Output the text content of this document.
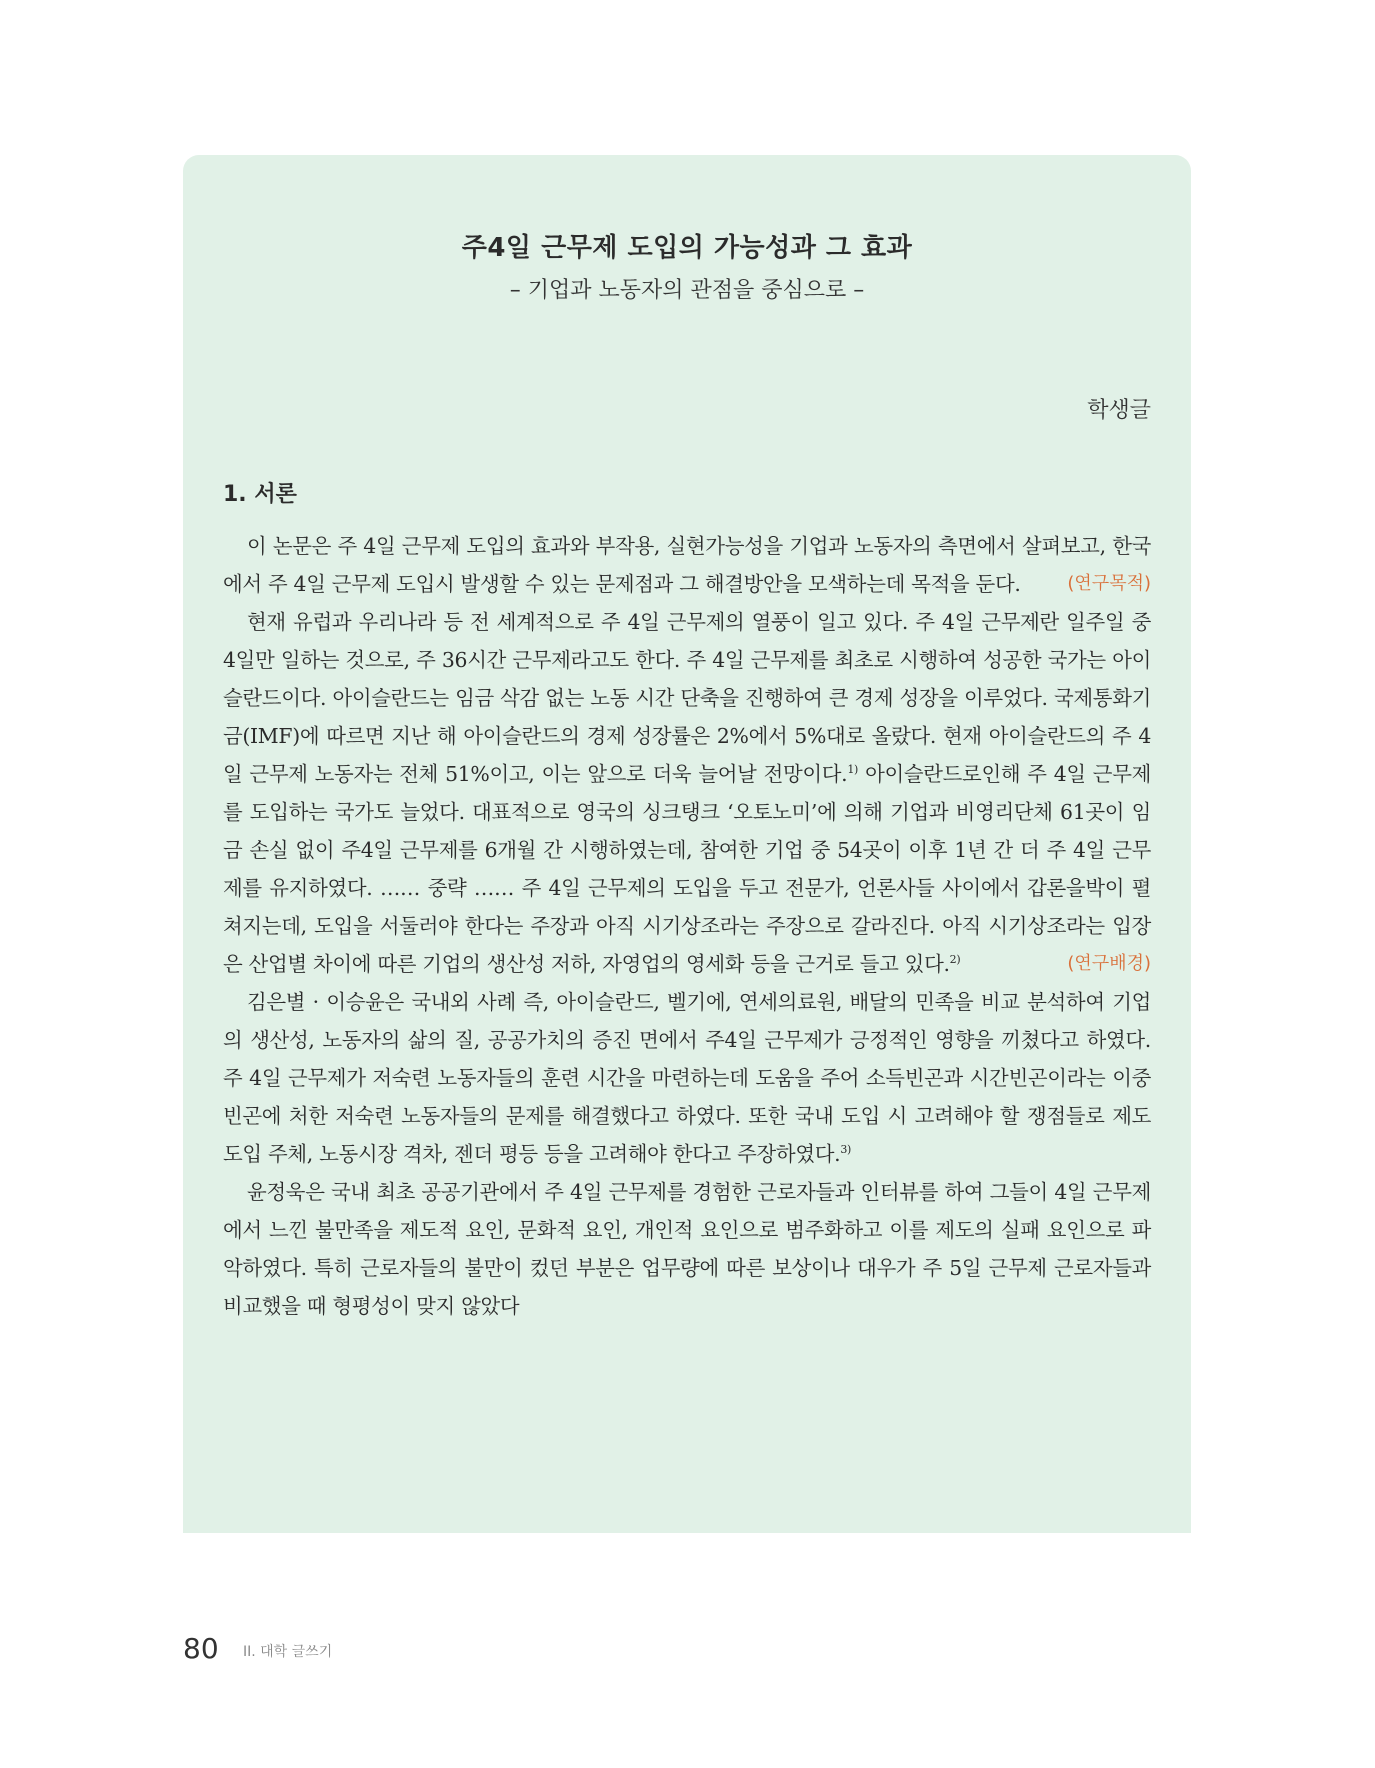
주4일 근무제 도입의 가능성과 그 효과
– 기업과 노동자의 관점을 중심으로 –
학생글
1. 서론

이 논문은 주 4일 근무제 도입의 효과와 부작용, 실현가능성을 기업과 노동자의 측면에서 살펴보고, 한국에서 주 4일 근무제 도입시 발생할 수 있는 문제점과 그 해결방안을 모색하는데 목적을 둔다.	(연구목적)

현재 유럽과 우리나라 등 전 세계적으로 주 4일 근무제의 열풍이 일고 있다. 주 4일 근무제란 일주일 중 4일만 일하는 것으로, 주 36시간 근무제라고도 한다. 주 4일 근무제를 최초로 시행하여 성공한 국가는 아이슬란드이다. 아이슬란드는 임금 삭감 없는 노동 시간 단축을 진행하여 큰 경제 성장을 이루었다. 국제통화기금(IMF)에 따르면 지난 해 아이슬란드의 경제 성장률은 2%에서 5%대로 올랐다. 현재 아이슬란드의 주 4일 근무제 노동자는 전체 51%이고, 이는 앞으로 더욱 늘어날 전망이다.$^{1)}$ 아이슬란드로인해 주 4일 근무제를 도입하는 국가도 늘었다. 대표적으로 영국의 싱크탱크 ‘오토노미’에 의해 기업과 비영리단체 61곳이 임금 손실 없이 주4일 근무제를 6개월 간 시행하였는데, 참여한 기업 중 54곳이 이후 1년 간 더 주 4일 근무제를 유지하였다. …… 중략 …… 주 4일 근무제의 도입을 두고 전문가, 언론사들 사이에서 갑론을박이 펼쳐지는데, 도입을 서둘러야 한다는 주장과 아직 시기상조라는 주장으로 갈라진다. 아직 시기상조라는 입장은 산업별 차이에 따른 기업의 생산성 저하, 자영업의 영세화 등을 근거로 들고 있다.$^{2)}$	(연구배경)

김은별 · 이승윤은 국내외 사례 즉, 아이슬란드, 벨기에, 연세의료원, 배달의 민족을 비교 분석하여 기업의 생산성, 노동자의 삶의 질, 공공가치의 증진 면에서 주4일 근무제가 긍정적인 영향을 끼쳤다고 하였다. 주 4일 근무제가 저숙련 노동자들의 훈련 시간을 마련하는데 도움을 주어 소득빈곤과 시간빈곤이라는 이중빈곤에 처한 저숙련 노동자들의 문제를 해결했다고 하였다. 또한 국내 도입 시 고려해야 할 쟁점들로 제도 도입 주체, 노동시장 격차, 젠더 평등 등을 고려해야 한다고 주장하였다.$^{3)}$

윤정욱은 국내 최초 공공기관에서 주 4일 근무제를 경험한 근로자들과 인터뷰를 하여 그들이 4일 근무제에서 느낀 불만족을 제도적 요인, 문화적 요인, 개인적 요인으로 범주화하고 이를 제도의 실패 요인으로 파악하였다. 특히 근로자들의 불만이 컸던 부분은 업무량에 따른 보상이나 대우가 주 5일 근무제 근로자들과 비교했을 때 형평성이 맞지 않았다

80 II. 대학 글쓰기
